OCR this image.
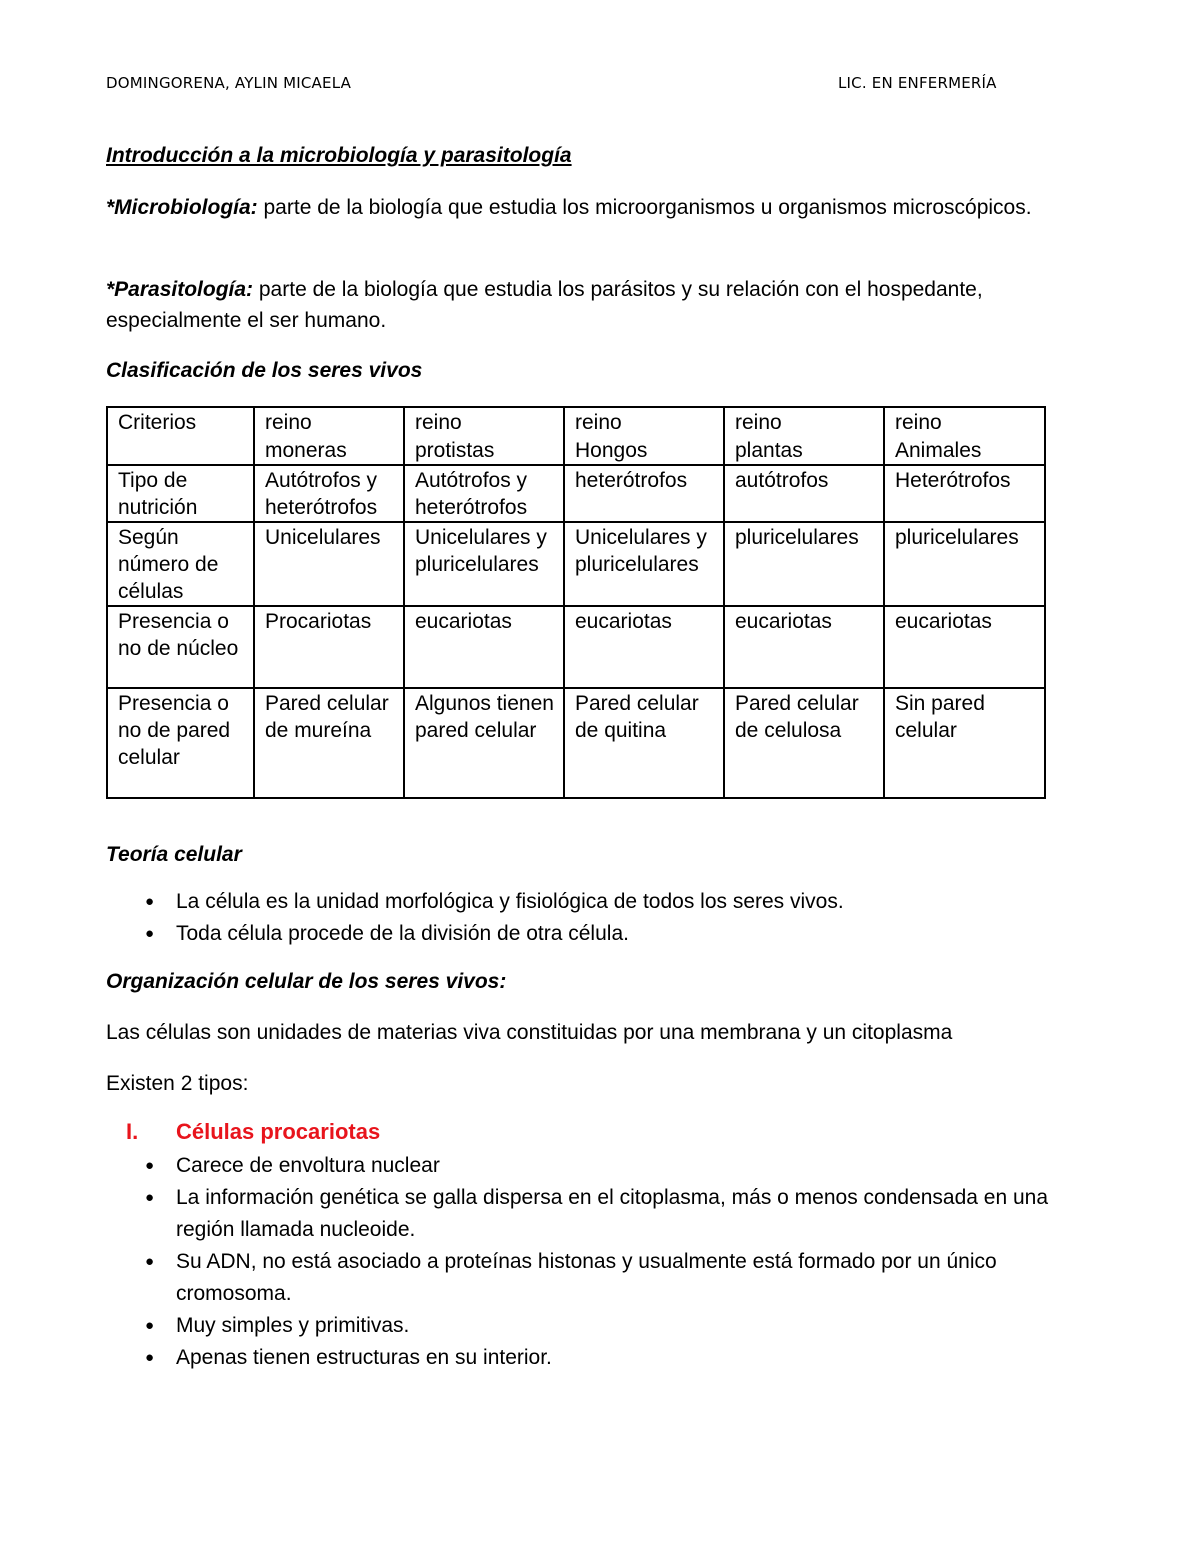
DOMINGORENA, AYLIN MICAELA	LIC. EN ENFERMERÍA
Introducción a la microbiología y parasitología
*Microbiología: parte de la biología que estudia los microorganismos u organismos microscópicos.
*Parasitología: parte de la biología que estudia los parásitos y su relación con el hospedante, especialmente el ser humano.
Clasificación de los seres vivos
Criterios	reino	reino	reino	reino	reino
	moneras	protistas	Hongos	plantas	Animales
Tipo de nutrición	Autótrofos y heterótrofos	Autótrofos y heterótrofos	heterótrofos	autótrofos	Heterótrofos
Según número de células	Unicelulares	Unicelulares y pluricelulares	Unicelulares y pluricelulares	pluricelulares	pluricelulares
Presencia o no de núcleo	Procariotas	eucariotas	eucariotas	eucariotas	eucariotas
Presencia o no de pared celular	Pared celular de mureína	Algunos tienen pared celular	Pared celular de quitina	Pared celular de celulosa	Sin pared celular
Teoría celular
● La célula es la unidad morfológica y fisiológica de todos los seres vivos.
● Toda célula procede de la división de otra célula.
Organización celular de los seres vivos:
Las células son unidades de materias viva constituidas por una membrana y un citoplasma
Existen 2 tipos:
I. Células procariotas
● Carece de envoltura nuclear
● La información genética se galla dispersa en el citoplasma, más o menos condensada en una región llamada nucleoide.
● Su ADN, no está asociado a proteínas histonas y usualmente está formado por un único cromosoma.
● Muy simples y primitivas.
● Apenas tienen estructuras en su interior.
